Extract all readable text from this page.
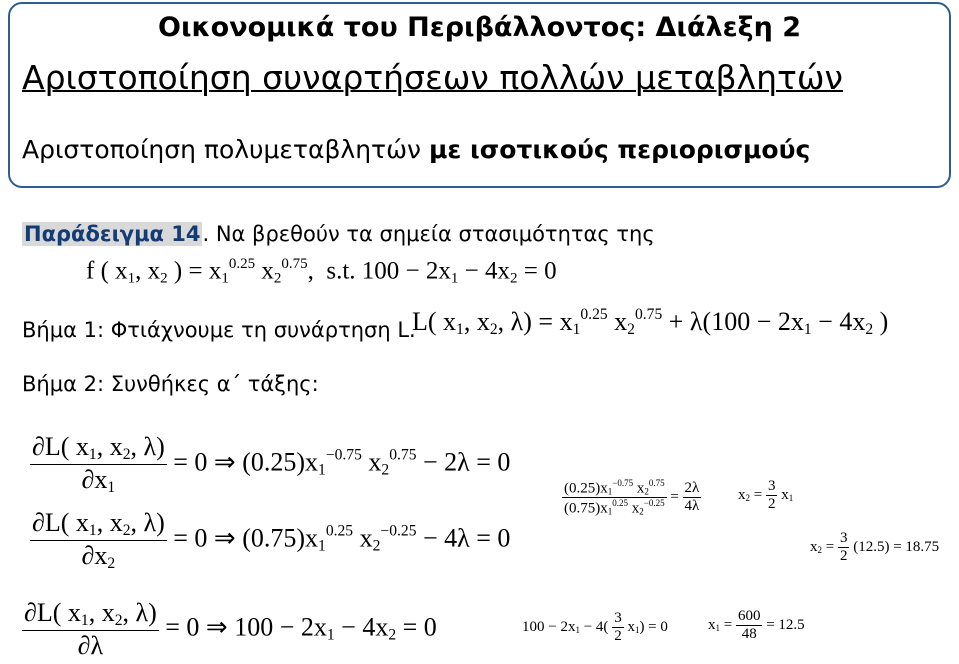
Οικονομικά του Περιβάλλοντος: Διάλεξη 2
Αριστοποίηση συναρτήσεων πολλών μεταβλητών
Αριστοποίηση πολυμεταβλητών με ισοτικούς περιορισμούς
Παράδειγμα 14. Να βρεθούν τα σημεία στασιμότητας της
f ( $x_1$, $x_2$ ) = $x_1^{0.25}$ $x_2^{0.75}$,  s.t. $100 - 2x_1 - 4x_2 = 0$
Βήμα 1: Φτιάχνουμε τη συνάρτηση L.
L( $x_1$, $x_2$, $\lambda) = x_1^{0.25}$ $x_2^{0.75} + \lambda(100 - 2x_1 - 4x_2$ )
Βήμα 2: Συνθήκες α΄ τάξης:
$\frac{\partial L( x_1, x_2, \lambda)}{\partial x_1} = 0$ ⇒ $(0.25)x_1^{-0.75}$ $x_2^{0.75} - 2\lambda = 0$
$\frac{\partial L( x_1, x_2, \lambda)}{\partial x_2} = 0$ ⇒ $(0.75)x_1^{0.25}$ $x_2^{-0.25} - 4\lambda = 0$
$\frac{\partial L( x_1, x_2, \lambda)}{\partial\lambda} = 0$ ⇒ $100 - 2x_1 - 4x_2 = 0$
$\frac{(0.25)x_1^{-0.75} x_2^{0.75}}{(0.75)x_1^{0.25} x_2^{-0.25}} = \frac{2\lambda}{4\lambda} x_2 = \frac{3}{2} x_1$
$x_2 = \frac{3}{2} (12.5) = 18.75$
$100 - 2x_1 - 4( \frac{3}{2} x_1) = 0$	$x_1 = \frac{600}{48} = 12.5$
